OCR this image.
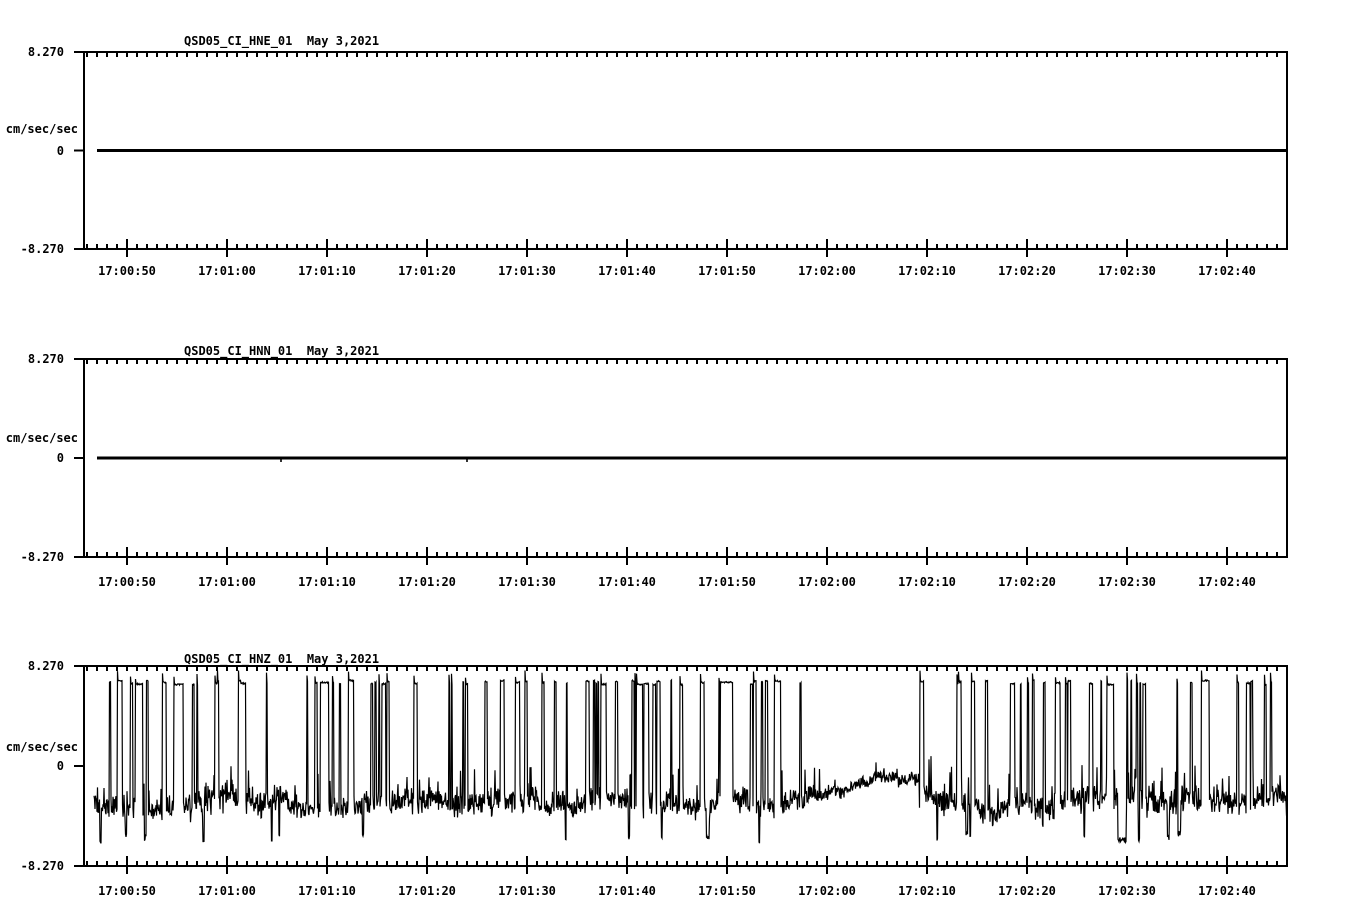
QSD05_CI_HNE_01  May 3,2021
8.270
cm/sec/sec
0
-8.270
17:00:50	17:01:00	17:01:10	17:01:20	17:01:30	17:01:40	17:01:50	17:02:00	17:02:10	17:02:20	17:02:30	17:02:40
QSD05_CI_HNN_01  May 3,2021
8.270
cm/sec/sec
0
-8.270
17:00:50	17:01:00	17:01:10	17:01:20	17:01:30	17:01:40	17:01:50	17:02:00	17:02:10	17:02:20	17:02:30	17:02:40
QSD05_CI_HNZ_01  May 3,2021
8.270
cm/sec/sec
0
-8.270
17:00:50	17:01:00	17:01:10	17:01:20	17:01:30	17:01:40	17:01:50	17:02:00	17:02:10	17:02:20	17:02:30	17:02:40
